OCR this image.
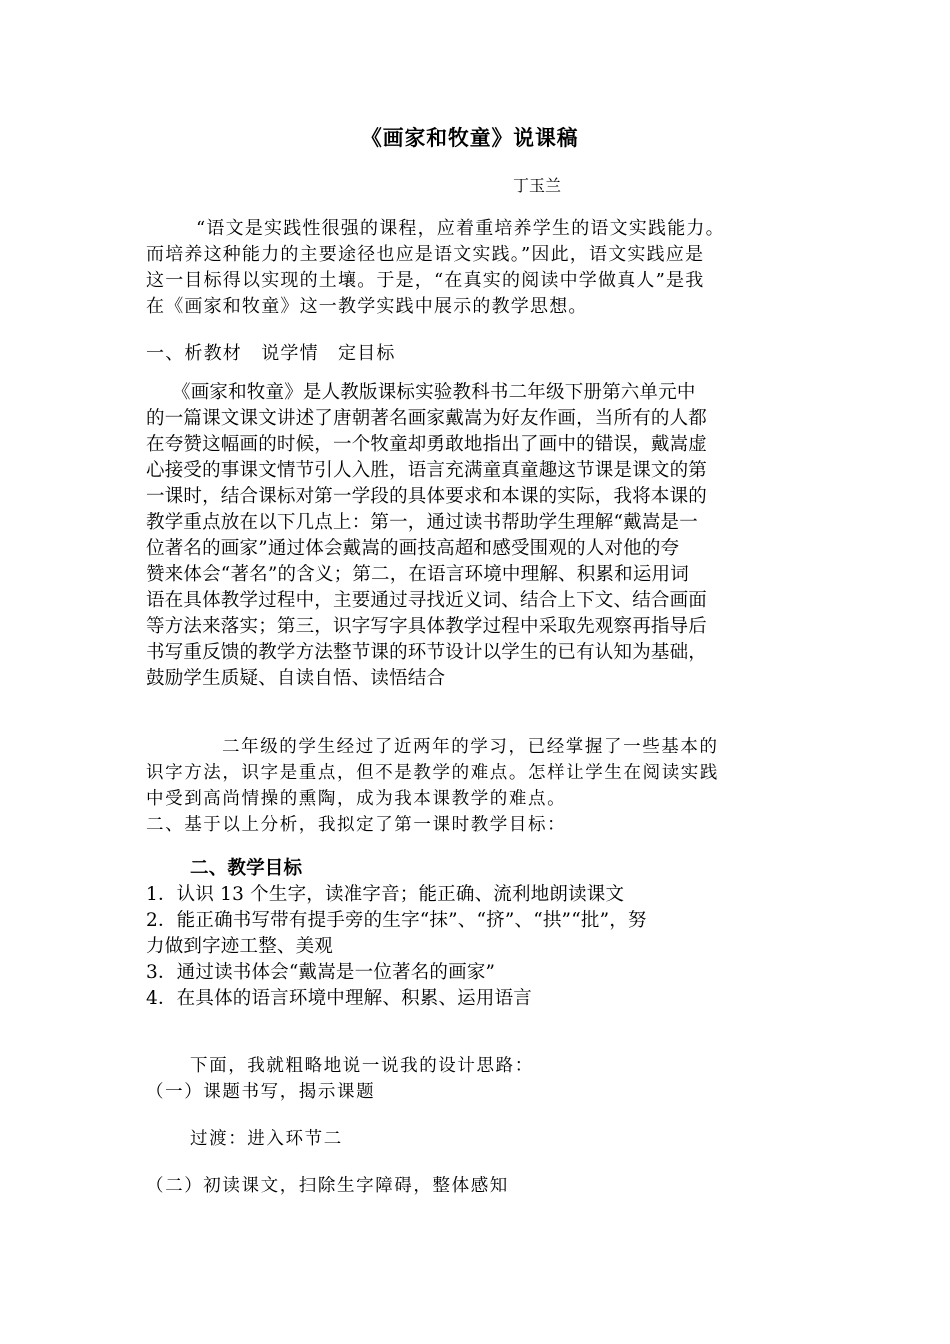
《画家和牧童》说课稿
丁玉兰
“语文是实践性很强的课程，应着重培养学生的语文实践能力。
而培养这种能力的主要途径也应是语文实践。”因此，语文实践应是
这一目标得以实现的土壤。于是，“在真实的阅读中学做真人”是我
在《画家和牧童》这一教学实践中展示的教学思想。
一、析教材　说学情　定目标
《画家和牧童》是人教版课标实验教科书二年级下册第六单元中
的一篇课文课文讲述了唐朝著名画家戴嵩为好友作画，当所有的人都
在夸赞这幅画的时候，一个牧童却勇敢地指出了画中的错误，戴嵩虚
心接受的事课文情节引人入胜，语言充满童真童趣这节课是课文的第
一课时，结合课标对第一学段的具体要求和本课的实际，我将本课的
教学重点放在以下几点上：第一，通过读书帮助学生理解“戴嵩是一
位著名的画家”通过体会戴嵩的画技高超和感受围观的人对他的夸
赞来体会“著名”的含义；第二，在语言环境中理解、积累和运用词
语在具体教学过程中，主要通过寻找近义词、结合上下文、结合画面
等方法来落实；第三，识字写字具体教学过程中采取先观察再指导后
书写重反馈的教学方法整节课的环节设计以学生的已有认知为基础，
鼓励学生质疑、自读自悟、读悟结合
二年级的学生经过了近两年的学习，已经掌握了一些基本的
识字方法，识字是重点，但不是教学的难点。怎样让学生在阅读实践
中受到高尚情操的熏陶，成为我本课教学的难点。
二、基于以上分析，我拟定了第一课时教学目标：
二、教学目标
1．认识 13 个生字，读准字音；能正确、流利地朗读课文
2．能正确书写带有提手旁的生字“抹”、“挤”、“拱”“批”，努
力做到字迹工整、美观
3．通过读书体会“戴嵩是一位著名的画家”
4．在具体的语言环境中理解、积累、运用语言
下面，我就粗略地说一说我的设计思路：
（一）课题书写，揭示课题
过渡：进入环节二
（二）初读课文，扫除生字障碍，整体感知
